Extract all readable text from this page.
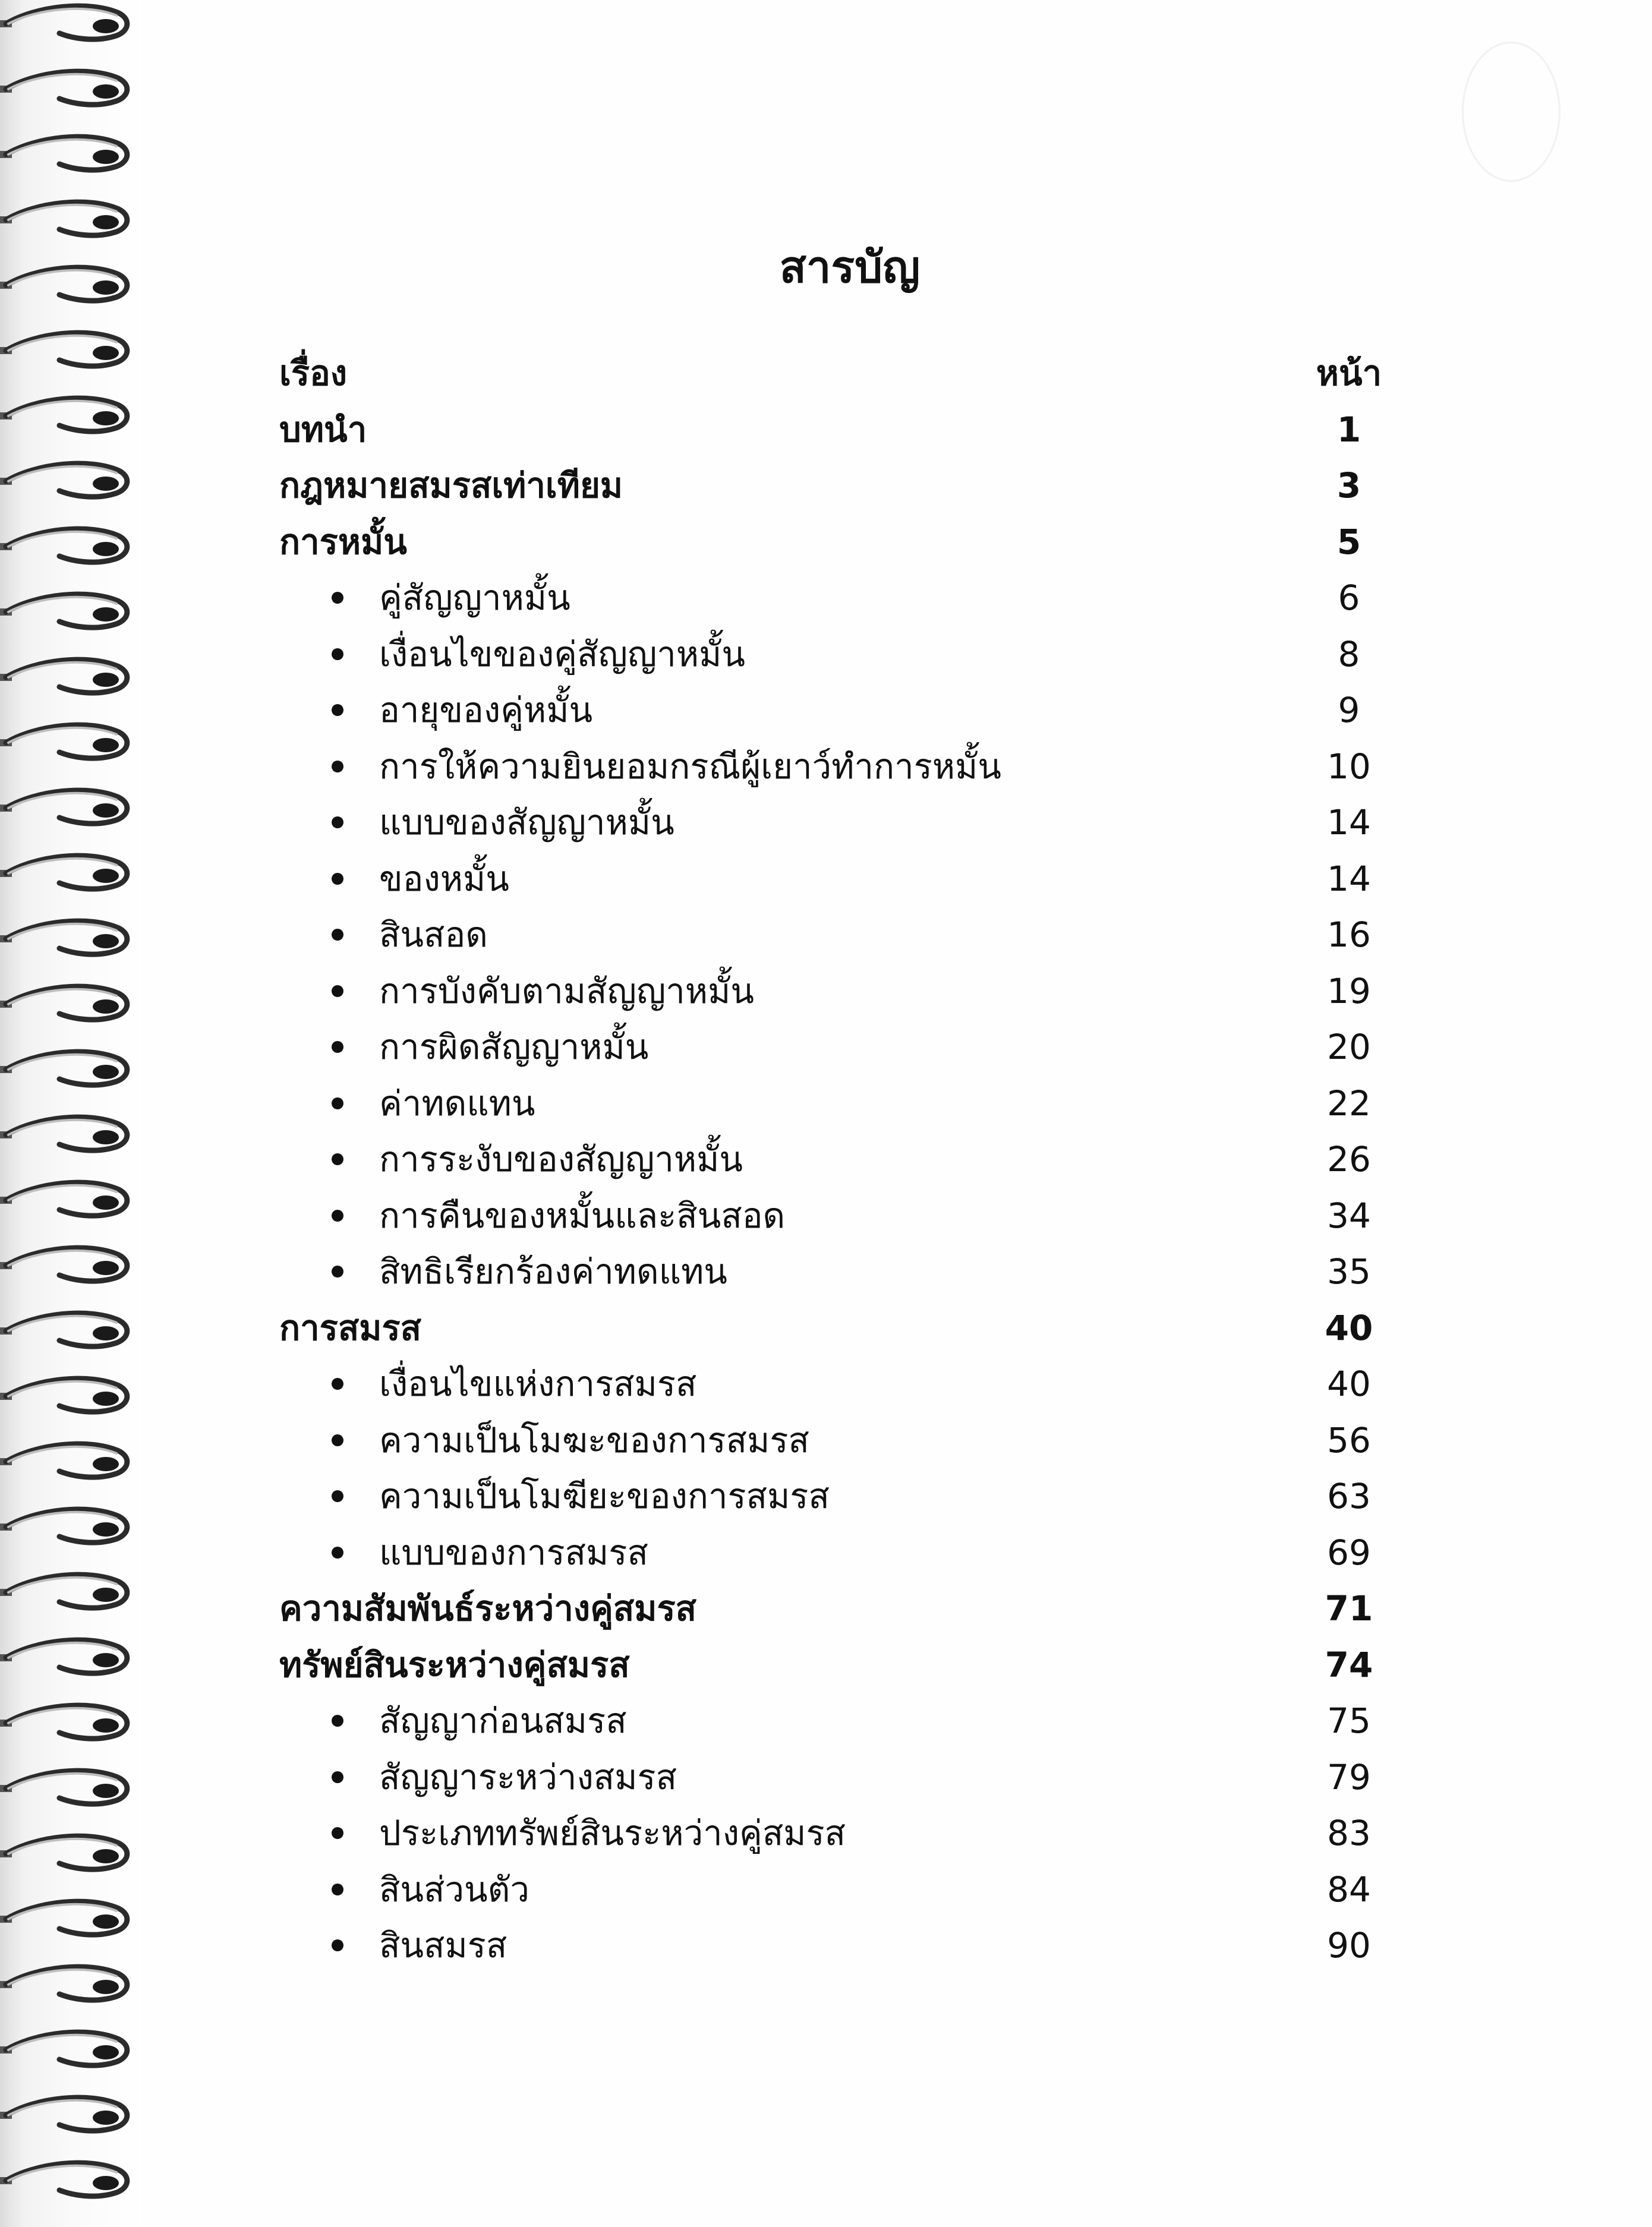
สารบัญ
เรื่อง	หน้า
บทนำ	1
กฎหมายสมรสเท่าเทียม	3
การหมั้น	5
คู่สัญญาหมั้น	6
เงื่อนไขของคู่สัญญาหมั้น	8
อายุของคู่หมั้น	9
การให้ความยินยอมกรณีผู้เยาว์ทำการหมั้น	10
แบบของสัญญาหมั้น	14
ของหมั้น	14
สินสอด	16
การบังคับตามสัญญาหมั้น	19
การผิดสัญญาหมั้น	20
ค่าทดแทน	22
การระงับของสัญญาหมั้น	26
การคืนของหมั้นและสินสอด	34
สิทธิเรียกร้องค่าทดแทน	35
การสมรส	40
เงื่อนไขแห่งการสมรส	40
ความเป็นโมฆะของการสมรส	56
ความเป็นโมฆียะของการสมรส	63
แบบของการสมรส	69
ความสัมพันธ์ระหว่างคู่สมรส	71
ทรัพย์สินระหว่างคู่สมรส	74
สัญญาก่อนสมรส	75
สัญญาระหว่างสมรส	79
ประเภททรัพย์สินระหว่างคู่สมรส	83
สินส่วนตัว	84
สินสมรส	90
